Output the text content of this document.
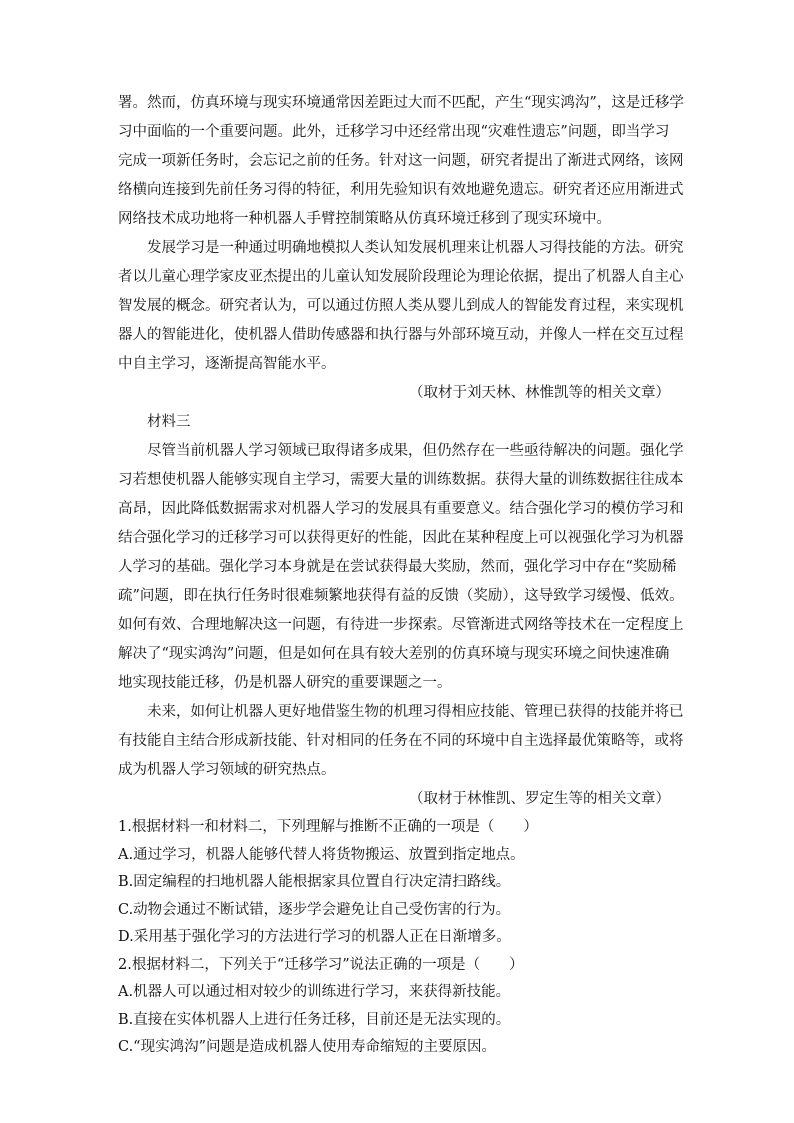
署。然而，仿真环境与现实环境通常因差距过大而不匹配，产生“现实鸿沟”，这是迁移学
习中面临的一个重要问题。此外，迁移学习中还经常出现“灾难性遗忘”问题，即当学习
完成一项新任务时，会忘记之前的任务。针对这一问题，研究者提出了渐进式网络，该网
络横向连接到先前任务习得的特征，利用先验知识有效地避免遗忘。研究者还应用渐进式
网络技术成功地将一种机器人手臂控制策略从仿真环境迁移到了现实环境中。
发展学习是一种通过明确地模拟人类认知发展机理来让机器人习得技能的方法。研究
者以儿童心理学家皮亚杰提出的儿童认知发展阶段理论为理论依据，提出了机器人自主心
智发展的概念。研究者认为，可以通过仿照人类从婴儿到成人的智能发育过程，来实现机
器人的智能进化，使机器人借助传感器和执行器与外部环境互动，并像人一样在交互过程
中自主学习，逐渐提高智能水平。
（取材于刘天林、林惟凯等的相关文章）
材料三
尽管当前机器人学习领域已取得诸多成果，但仍然存在一些亟待解决的问题。强化学
习若想使机器人能够实现自主学习，需要大量的训练数据。获得大量的训练数据往往成本
高昂，因此降低数据需求对机器人学习的发展具有重要意义。结合强化学习的模仿学习和
结合强化学习的迁移学习可以获得更好的性能，因此在某种程度上可以视强化学习为机器
人学习的基础。强化学习本身就是在尝试获得最大奖励，然而，强化学习中存在“奖励稀
疏”问题，即在执行任务时很难频繁地获得有益的反馈（奖励），这导致学习缓慢、低效。
如何有效、合理地解决这一问题，有待进一步探索。尽管渐进式网络等技术在一定程度上
解决了“现实鸿沟”问题，但是如何在具有较大差别的仿真环境与现实环境之间快速准确
地实现技能迁移，仍是机器人研究的重要课题之一。
未来，如何让机器人更好地借鉴生物的机理习得相应技能、管理已获得的技能并将已
有技能自主结合形成新技能、针对相同的任务在不同的环境中自主选择最优策略等，或将
成为机器人学习领域的研究热点。
（取材于林惟凯、罗定生等的相关文章）
1.根据材料一和材料二，下列理解与推断不正确的一项是（　　）
A.通过学习，机器人能够代替人将货物搬运、放置到指定地点。
B.固定编程的扫地机器人能根据家具位置自行决定清扫路线。
C.动物会通过不断试错，逐步学会避免让自己受伤害的行为。
D.采用基于强化学习的方法进行学习的机器人正在日渐增多。
2.根据材料二，下列关于“迁移学习”说法正确的一项是（　　）
A.机器人可以通过相对较少的训练进行学习，来获得新技能。
B.直接在实体机器人上进行任务迁移，目前还是无法实现的。
C.“现实鸿沟”问题是造成机器人使用寿命缩短的主要原因。
